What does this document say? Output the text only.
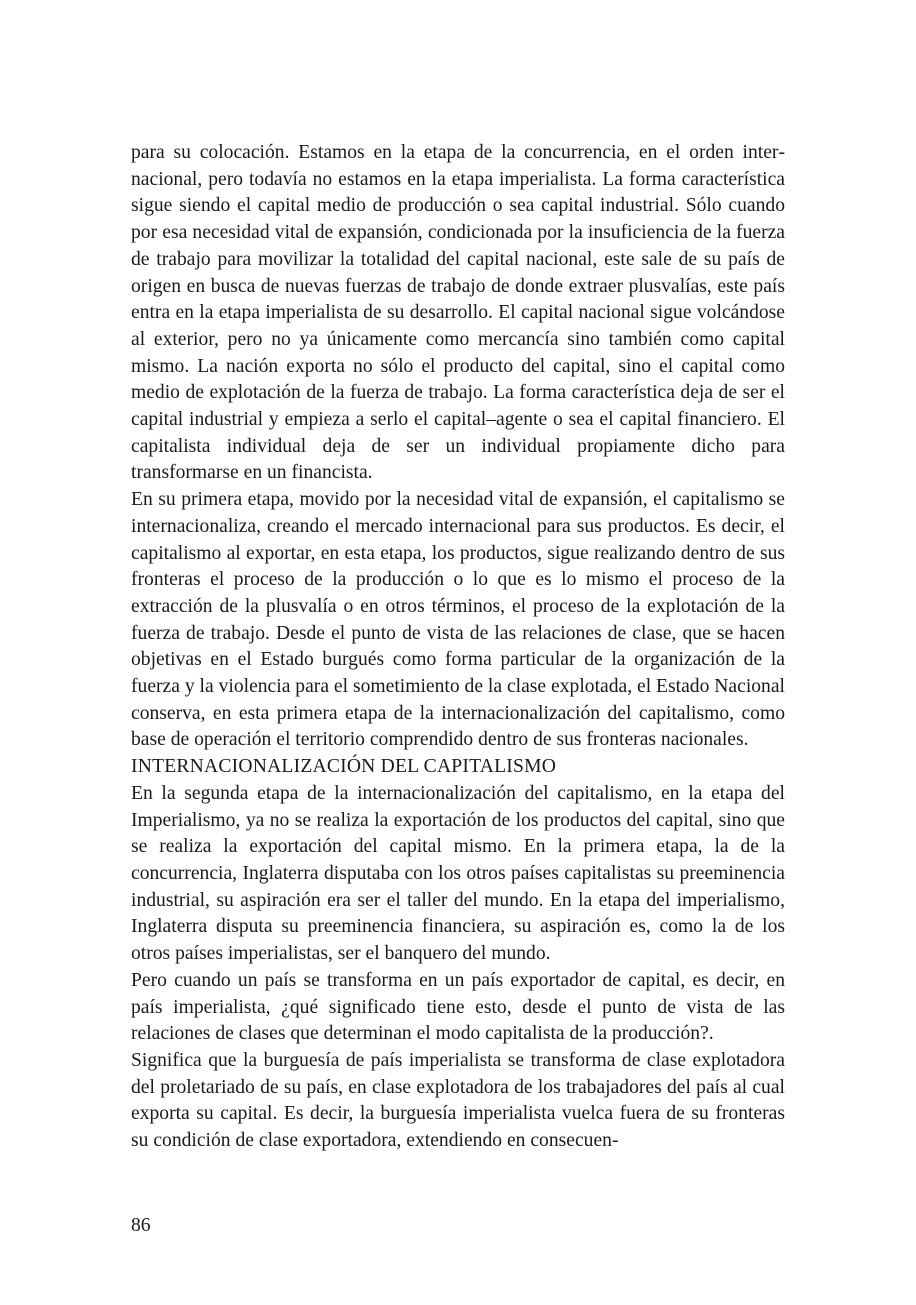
para su colocación. Estamos en la etapa de la concurrencia, en el orden internacional, pero todavía no estamos en la etapa imperialista. La forma característica sigue siendo el capital medio de producción o sea capital industrial. Sólo cuando por esa necesidad vital de expansión, condicionada por la insuficiencia de la fuerza de trabajo para movilizar la totalidad del capital nacional, este sale de su país de origen en busca de nuevas fuerzas de trabajo de donde extraer plusvalías, este país entra en la etapa imperialista de su desarrollo. El capital nacional sigue volcándose al exterior, pero no ya únicamente como mercancía sino también como capital mismo. La nación exporta no sólo el producto del capital, sino el capital como medio de explotación de la fuerza de trabajo. La forma característica deja de ser el capital industrial y empieza a serlo el capital–agente o sea el capital financiero. El capitalista individual deja de ser un individual propiamente dicho para transformarse en un financista.

En su primera etapa, movido por la necesidad vital de expansión, el capitalismo se internacionaliza, creando el mercado internacional para sus productos. Es decir, el capitalismo al exportar, en esta etapa, los productos, sigue realizando dentro de sus fronteras el proceso de la producción o lo que es lo mismo el proceso de la extracción de la plusvalía o en otros términos, el proceso de la explotación de la fuerza de trabajo. Desde el punto de vista de las relaciones de clase, que se hacen objetivas en el Estado burgués como forma particular de la organización de la fuerza y la violencia para el sometimiento de la clase explotada, el Estado Nacional conserva, en esta primera etapa de la internacionalización del capitalismo, como base de operación el territorio comprendido dentro de sus fronteras nacionales.

INTERNACIONALIZACIÓN DEL CAPITALISMO

En la segunda etapa de la internacionalización del capitalismo, en la etapa del Imperialismo, ya no se realiza la exportación de los productos del capital, sino que se realiza la exportación del capital mismo. En la primera etapa, la de la concurrencia, Inglaterra disputaba con los otros países capitalistas su preeminencia industrial, su aspiración era ser el taller del mundo. En la etapa del imperialismo, Inglaterra disputa su preeminencia financiera, su aspiración es, como la de los otros países imperialistas, ser el banquero del mundo.

Pero cuando un país se transforma en un país exportador de capital, es decir, en país imperialista, ¿qué significado tiene esto, desde el punto de vista de las relaciones de clases que determinan el modo capitalista de la producción?.

Significa que la burguesía de país imperialista se transforma de clase explotadora del proletariado de su país, en clase explotadora de los trabajadores del país al cual exporta su capital. Es decir, la burguesía imperialista vuelca fuera de su fronteras su condición de clase exportadora, extendiendo en consecuen-

86
